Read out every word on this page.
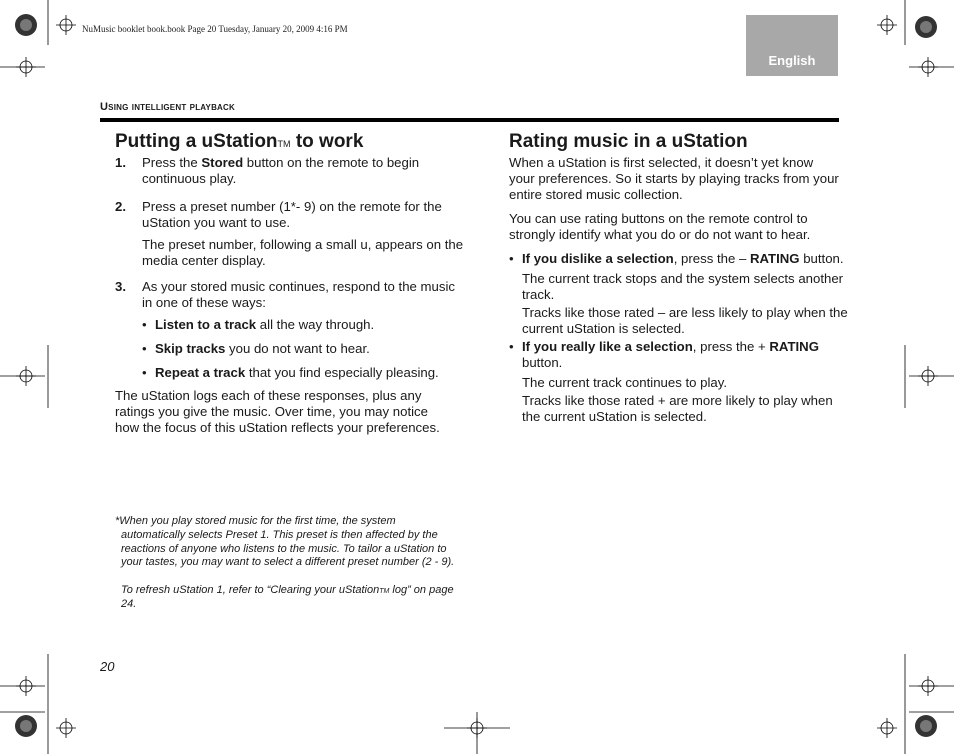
NuMusic booklet book.book Page 20 Tuesday, January 20, 2009 4:16 PM
English
Using intelligent playback
Putting a uStation™ to work
1. Press the Stored button on the remote to begin continuous play.

2. Press a preset number (1*- 9) on the remote for the uStation you want to use.

The preset number, following a small u, appears on the media center display.

3. As your stored music continues, respond to the music in one of these ways:

• Listen to a track all the way through.

• Skip tracks you do not want to hear.

• Repeat a track that you find especially pleasing.

The uStation logs each of these responses, plus any ratings you give the music. Over time, you may notice how the focus of this uStation reflects your preferences.

Rating music in a uStation

When a uStation is first selected, it doesn’t yet know your preferences. So it starts by playing tracks from your entire stored music collection.

You can use rating buttons on the remote control to strongly identify what you do or do not want to hear.

• If you dislike a selection, press the – RATING button.

The current track stops and the system selects another track.

Tracks like those rated – are less likely to play when the current uStation is selected.

• If you really like a selection, press the + RATING button.

The current track continues to play.

Tracks like those rated + are more likely to play when the current uStation is selected.

*When you play stored music for the first time, the system

automatically selects Preset 1. This preset is then affected by the reactions of anyone who listens to the music. To tailor a uStation to your tastes, you may want to select a different preset number (2 - 9).

To refresh uStation 1, refer to “Clearing your uStation™ log” on page 24.

20
